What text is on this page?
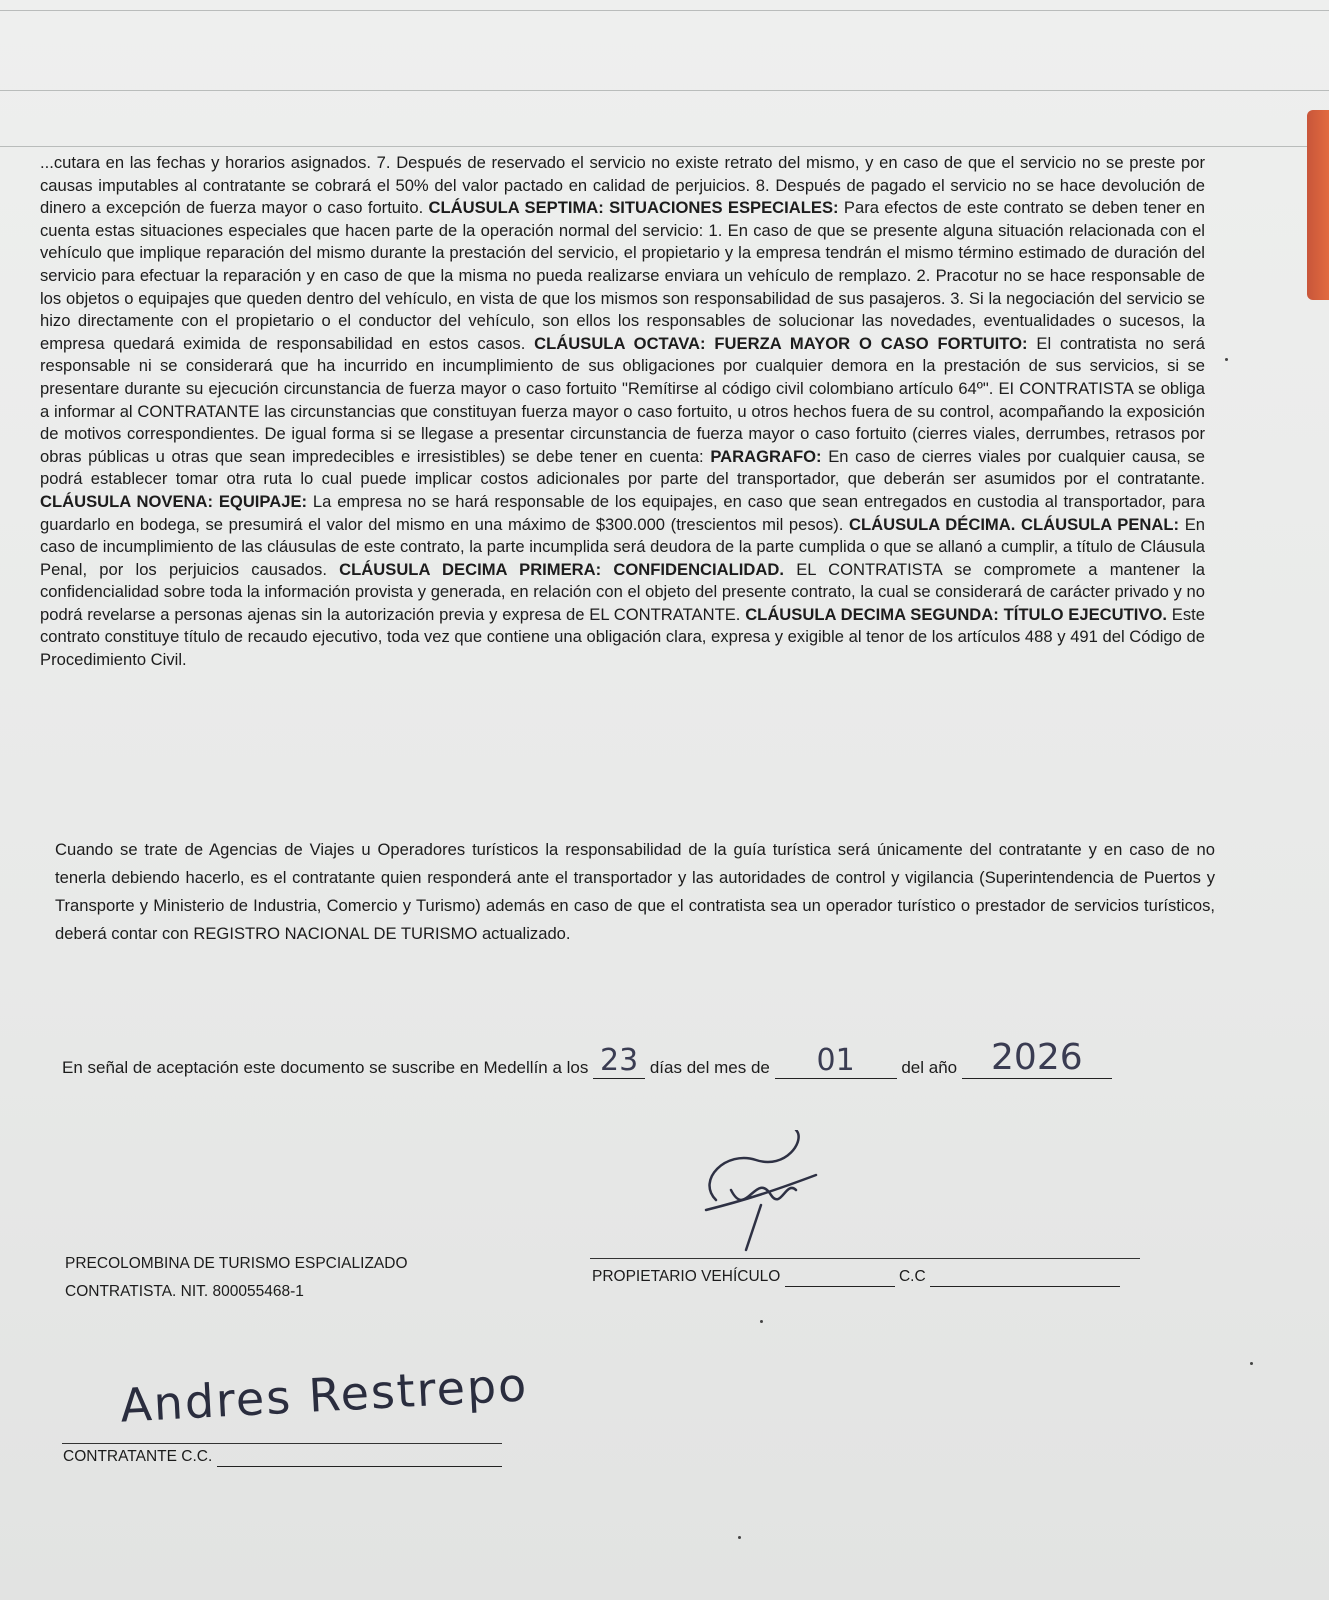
...cutara en las fechas y horarios asignados. 7. Después de reservado el servicio no existe retrato del mismo, y en caso de que el servicio no se preste por causas imputables al contratante se cobrará el 50% del valor pactado en calidad de perjuicios. 8. Después de pagado el servicio no se hace devolución de dinero a excepción de fuerza mayor o caso fortuito. CLÁUSULA SEPTIMA: SITUACIONES ESPECIALES: Para efectos de este contrato se deben tener en cuenta estas situaciones especiales que hacen parte de la operación normal del servicio: 1. En caso de que se presente alguna situación relacionada con el vehículo que implique reparación del mismo durante la prestación del servicio, el propietario y la empresa tendrán el mismo término estimado de duración del servicio para efectuar la reparación y en caso de que la misma no pueda realizarse enviara un vehículo de remplazo. 2. Pracotur no se hace responsable de los objetos o equipajes que queden dentro del vehículo, en vista de que los mismos son responsabilidad de sus pasajeros. 3. Si la negociación del servicio se hizo directamente con el propietario o el conductor del vehículo, son ellos los responsables de solucionar las novedades, eventualidades o sucesos, la empresa quedará eximida de responsabilidad en estos casos. CLÁUSULA OCTAVA: FUERZA MAYOR O CASO FORTUITO: El contratista no será responsable ni se considerará que ha incurrido en incumplimiento de sus obligaciones por cualquier demora en la prestación de sus servicios, si se presentare durante su ejecución circunstancia de fuerza mayor o caso fortuito "Remítirse al código civil colombiano artículo 64º". EI CONTRATISTA se obliga a informar al CONTRATANTE las circunstancias que constituyan fuerza mayor o caso fortuito, u otros hechos fuera de su control, acompañando la exposición de motivos correspondientes. De igual forma si se llegase a presentar circunstancia de fuerza mayor o caso fortuito (cierres viales, derrumbes, retrasos por obras públicas u otras que sean impredecibles e irresistibles) se debe tener en cuenta: PARAGRAFO: En caso de cierres viales por cualquier causa, se podrá establecer tomar otra ruta lo cual puede implicar costos adicionales por parte del transportador, que deberán ser asumidos por el contratante. CLÁUSULA NOVENA: EQUIPAJE: La empresa no se hará responsable de los equipajes, en caso que sean entregados en custodia al transportador, para guardarlo en bodega, se presumirá el valor del mismo en una máximo de $300.000 (trescientos mil pesos). CLÁUSULA DÉCIMA. CLÁUSULA PENAL: En caso de incumplimiento de las cláusulas de este contrato, la parte incumplida será deudora de la parte cumplida o que se allanó a cumplir, a título de Cláusula Penal, por los perjuicios causados. CLÁUSULA DECIMA PRIMERA: CONFIDENCIALIDAD. EL CONTRATISTA se compromete a mantener la confidencialidad sobre toda la información provista y generada, en relación con el objeto del presente contrato, la cual se considerará de carácter privado y no podrá revelarse a personas ajenas sin la autorización previa y expresa de EL CONTRATANTE. CLÁUSULA DECIMA SEGUNDA: TÍTULO EJECUTIVO. Este contrato constituye título de recaudo ejecutivo, toda vez que contiene una obligación clara, expresa y exigible al tenor de los artículos 488 y 491 del Código de Procedimiento Civil.

Cuando se trate de Agencias de Viajes u Operadores turísticos la responsabilidad de la guía turística será únicamente del contratante y en caso de no tenerla debiendo hacerlo, es el contratante quien responderá ante el transportador y las autoridades de control y vigilancia (Superintendencia de Puertos y Transporte y Ministerio de Industria, Comercio y Turismo) además en caso de que el contratista sea un operador turístico o prestador de servicios turísticos, deberá contar con REGISTRO NACIONAL DE TURISMO actualizado.
En señal de aceptación este documento se suscribe en Medellín a los 23 días del mes de	01	del año 2026

PRECOLOMBINA DE TURISMO ESPCIALIZADO
CONTRATISTA. NIT. 800055468-1
PROPIETARIO VEHÍCULO	C.C
Andres Restrepo
CONTRATANTE C.C.
